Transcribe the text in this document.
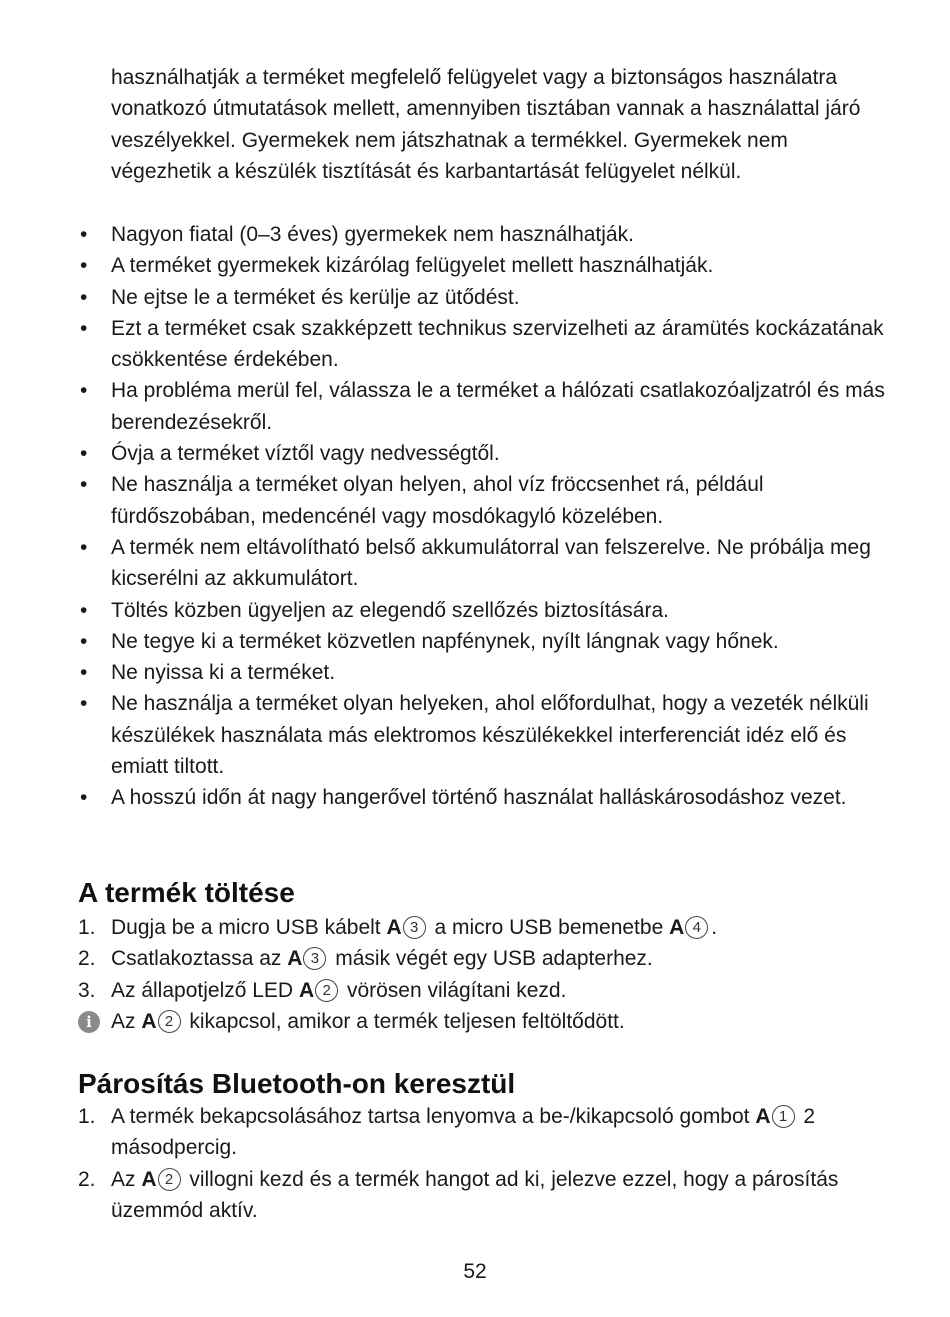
használhatják a terméket megfelelő felügyelet vagy a biztonságos használatra vonatkozó útmutatások mellett, amennyiben tisztában vannak a használattal járó veszélyekkel. Gyermekek nem játszhatnak a termékkel. Gyermekek nem végezhetik a készülék tisztítását és karbantartását felügyelet nélkül.
• Nagyon fiatal (0–3 éves) gyermekek nem használhatják.
• A terméket gyermekek kizárólag felügyelet mellett használhatják.
• Ne ejtse le a terméket és kerülje az ütődést.
• Ezt a terméket csak szakképzett technikus szervizelheti az áramütés kockázatának csökkentése érdekében.
• Ha probléma merül fel, válassza le a terméket a hálózati csatlakozóaljzatról és más berendezésekről.
• Óvja a terméket víztől vagy nedvességtől.
• Ne használja a terméket olyan helyen, ahol víz fröccsenhet rá, például fürdőszobában, medencénél vagy mosdókagyló közelében.
• A termék nem eltávolítható belső akkumulátorral van felszerelve. Ne próbálja meg kicserélni az akkumulátort.
• Töltés közben ügyeljen az elegendő szellőzés biztosítására.
• Ne tegye ki a terméket közvetlen napfénynek, nyílt lángnak vagy hőnek.
• Ne nyissa ki a terméket.
• Ne használja a terméket olyan helyeken, ahol előfordulhat, hogy a vezeték nélküli készülékek használata más elektromos készülékekkel interferenciát idéz elő és emiatt tiltott.
• A hosszú időn át nagy hangerővel történő használat halláskárosodáshoz vezet.
A termék töltése
1. Dugja be a micro USB kábelt A 3 a micro USB bemenetbe A 4 .
2. Csatlakoztassa az A 3 másik végét egy USB adapterhez.
3. Az állapotjelző LED A 2 vörösen világítani kezd.
i Az A 2 kikapcsol, amikor a termék teljesen feltöltődött.
Párosítás Bluetooth-on keresztül
1. A termék bekapcsolásához tartsa lenyomva a be-/kikapcsoló gombot A 1 2 másodpercig.
2. Az A 2 villogni kezd és a termék hangot ad ki, jelezve ezzel, hogy a párosítás üzemmód aktív.
52
